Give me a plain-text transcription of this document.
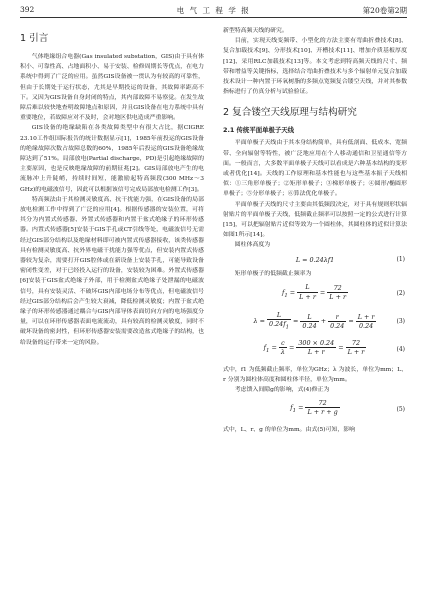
392	电 气 工 程 学 报	第20卷第2期
1 引言

气体绝缘组合电器(Gas insulated substation，GIS)由于具有体积小、可靠性高、占地面积小、易于安装、检修周期长等优点，在电力系统中得到了广泛的应用。虽然GIS设备被一贯认为有较高的可靠性，但由于长期处于运行状态，尤其是早期投运的设备，其故障率距高不下。又因为GIS设备自身封闭的特点，其内部故障不易察觉。在发生故障后难以较快地查明故障地点和原因，并且GIS设备在电力系统中具有重要地位，若故障应对不及时，会对地区供电造成严重影响。

GIS设备的绝缘缺陷在各类故障类型中有很大占比，据CIGRE 23.10工作组国际报告的统计数据显示[1]，1985年前投运的GIS设备的绝缘故障次数占故障总数的60%，1985年后投运的GIS设备绝缘故障达到了51%。局部放电(Partial discharge，PD)是引起绝缘故障的主要原因，也是反映绝缘故障的前期征兆[2]。GIS局部放电产生的电流脉冲上升陡峭，持续时间短，能激励起特高频段(300 MHz～3 GHz)的电磁波信号，因此可以根据该信号完成局部放电检测工作[3]。

特高频法由于其检测灵敏度高、抗干扰能力强，在GIS设备的局部放电检测工作中得到了广泛的应用[4]。根据传感器的安装位置，可将其分为内置式传感器、外置式传感器和内置于盆式绝缘子的环形传感器。内置式传感器[5]安装于GIS手孔或CT引线等处，电磁波信号无需经过GIS部分结构以及绝缘材料即可被内置式传感器接收，该类传感器具有检测灵敏度高、抗外界电磁干扰能力强等优点，但安装内置式传感器较为复杂，需要打开GIS腔体或在新设备上安装手孔，可能导致设备密闭性变差，对于已经投入运行的设备，安装较为困难。外置式传感器[6]安装于GIS盆式绝缘子外部，用于检测盆式绝缘子处泄漏的电磁波信号，具有安装灵活、不破坏GIS内部电场分布等优点，但电磁波信号经过GIS部分结构后会产生较大衰减，降低检测灵敏度；内置于盆式绝缘子的环形传感器通过耦合与GIS内部导体表面切向方向的电场强度分量，可以在环形传感器表面电流流动，具有较高的检测灵敏度，同时不破坏设备的密封性，但环形传感器安装需要改造盆式绝缘子的结构，也给设备的运行带来一定的风险。

新型特高频天线的研究。

目前，实现天线变频带、小型化的方法主要有弯曲折叠技术[8]、复合加载技术[9]、分形技术[10]、开槽技术[11]、增加介质基板厚度[12]、采用RLC加载技术[13]等。本文考虑到特高频天线的尺寸、频带和增益等关键指标，选择结合弯曲折叠技术与多个辐射单元复合加载技术设计一种内置于环氧树脂的多频点宽频复合镂空天线，并对其参数指标进行了仿真分析与试验验证。

2 复合镂空天线原理与结构研究
2.1 传统平面单极子天线

平面单极子天线由于其本身结构简单，具有低剖面、低成本、宽频带、全向辐射等特性，被广泛地应用在个人移动通信和卫星通信等方面。一般而言，大多数平面单极子天线可以看成是六种基本结构的变形或者优化[14]。天线的工作原理和基本性能也与这些基本振子天线相似：①三角形单极子；②矩形单极子；③梯形单极子；④圆形/椭圆形单极子；⑤分形单极子；⑥算法优化单极子。

平面单极子天线的尺寸主要由其低频段决定，对于具有规则形状辐射贴片的平面单极子天线，低频截止频率可以按照一定的公式进行计算[15]，可以把辐射贴片近似等效为一个圆柱体，其圆柱体的近似计算法如图1所示[14]。

圆柱体高度为

L = 0.24λf1	(1)

矩形单极子的低频截止频率为

$f_1 = \frac{L}{L + r} = \frac{72}{L + r}$	(2)
$\lambda = \frac{L}{0.24f_1} = \frac{L}{0.24} + \frac{r}{0.24} = \frac{L + r}{0.24}$	(3)
$f_1 = \frac{c}{\lambda} = \frac{300 \times 0.24}{L + r} = \frac{72}{L + r}$	(4)

式中，f1 为低频截止频率，单位为GHz；λ 为波长，单位为mm；L、r 分别为圆柱体高度和圆柱体半径，单位为mm。

考虑馈入间隙g的影响，式(4)修正为

$f_1 = \frac{72}{L + r + g}$	(5)

式中，L、r、g 的单位为mm。由式(5)可知，影响
